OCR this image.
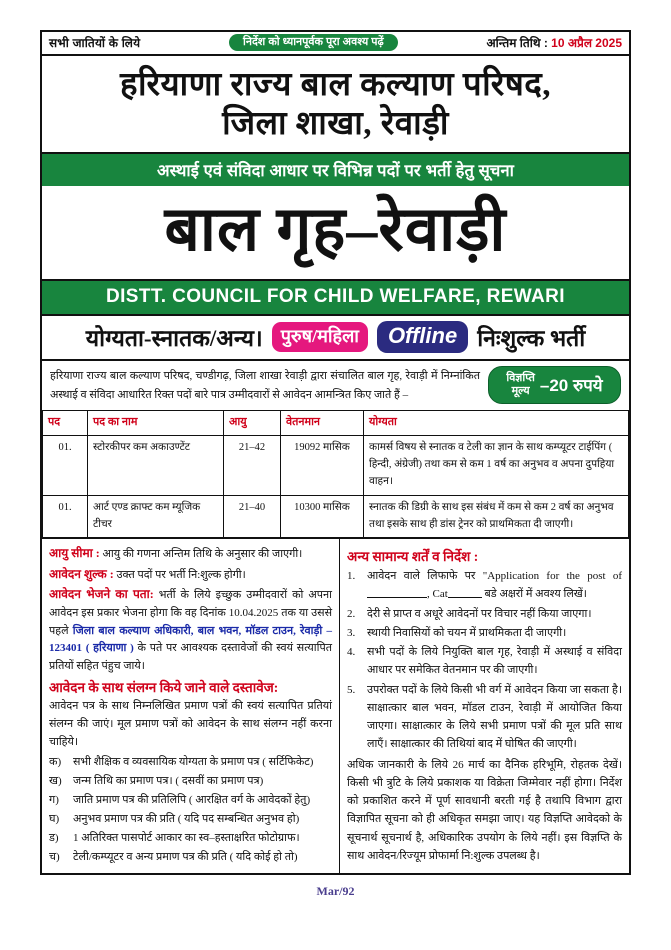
सभी जातियों के लिये	निर्देश को ध्यानपूर्वक पूरा अवश्य पढ़ें	अन्तिम तिथि : 10 अप्रैल 2025
हरियाणा राज्य बाल कल्याण परिषद,
जिला शाखा, रेवाड़ी
अस्थाई एवं संविदा आधार पर विभिन्न पदों पर भर्ती हेतु सूचना
बाल गृह–रेवाड़ी
DISTT. COUNCIL FOR CHILD WELFARE, REWARI
योग्यता-स्नातक/अन्य।	पुरुष/महिला	Offline निःशुल्क भर्ती
हरियाणा राज्य बाल कल्याण परिषद, चण्डीगढ़, जिला शाखा रेवाड़ी द्वारा संचालित बाल गृह, रेवाड़ी में निम्नांकित अस्थाई व संविदा आधारित रिक्त पदों बारे पात्र उम्मीदवारों से आवेदन आमन्त्रित किए जाते हैं –
विज्ञप्ति
मूल्य –20 रुपये
पद	पद का नाम	आयु	वेतनमान	योग्यता
01.	स्टोरकीपर कम अकाउण्टेंट	21–42	19092 मासिक	कामर्स विषय से स्नातक व टेली का ज्ञान के साथ कम्प्यूटर टाईपिंग ( हिन्दी, अंग्रेजी) तथा कम से कम 1 वर्ष का अनुभव व अपना दुपहिया वाहन।
01.	आर्ट एण्ड क्राफ्ट कम म्यूजिक टीचर	21–40	10300 मासिक	स्नातक की डिग्री के साथ इस संबंध में कम से कम 2 वर्ष का अनुभव तथा इसके साथ ही डांस ट्रेनर को प्राथमिकता दी जाएगी।

आयु सीमा : आयु की गणना अन्तिम तिथि के अनुसार की जाएगी।

आवेदन शुल्क : उक्त पदों पर भर्ती नि:शुल्क होगी।

आवेदन भेजने का पता: भर्ती के लिये इच्छुक उम्मीदवारों को अपना आवेदन इस प्रकार भेजना होगा कि वह दिनांक 10.04.2025 तक या उससे पहले जिला बाल कल्याण अधिकारी, बाल भवन, मॉडल टाउन, रेवाड़ी – 123401 ( हरियाणा ) के पते पर आवश्यक दस्तावेजों की स्वयं सत्यापित प्रतियों सहित पंहुच जाये।

आवेदन के साथ संलग्न किये जाने वाले दस्तावेज:
आवेदन पत्र के साथ निम्नलिखित प्रमाण पत्रों की स्वयं सत्यापित प्रतियां संलग्न की जाएं। मूल प्रमाण पत्रों को आवेदन के साथ संलग्न नहीं करना चाहिये।
क)	सभी शैक्षिक व व्यवसायिक योग्यता के प्रमाण पत्र ( सर्टिफिकेट)
ख)	जन्म तिथि का प्रमाण पत्र। ( दसवीं का प्रमाण पत्र)
ग)	जाति प्रमाण पत्र की प्रतिलिपि ( आरक्षित वर्ग के आवेदकों हेतु)
घ)	अनुभव प्रमाण पत्र की प्रति ( यदि पद सम्बन्धित अनुभव हो)
ड)	1 अतिरिक्त पासपोर्ट आकार का स्व–हस्ताक्षरित फोटोग्राफ।
च)	टेली/कम्प्यूटर व अन्य प्रमाण पत्र की प्रति ( यदि कोई हो तो)
अन्य सामान्य शर्तें व निर्देश :
1.	आवेदन वाले लिफाफे पर "Application for the post of, Cat	बडे अक्षरों में अवश्य लिखें।
2.	देरी से प्राप्त व अधूरे आवेदनों पर विचार नहीं किया जाएगा।
3.	स्थायी निवासियों को चयन में प्राथमिकता दी जाएगी।
4.	सभी पदों के लिये नियुक्ति बाल गृह, रेवाड़ी में अस्थाई व संविदा आधार पर समेकित वेतनमान पर की जाएगी।
5.	उपरोक्त पदों के लिये किसी भी वर्ग में आवेदन किया जा सकता है। साक्षात्कार बाल भवन, मॉडल टाउन, रेवाड़ी में आयोजित किया जाएगा। साक्षात्कार के लिये सभी प्रमाण पत्रों की मूल प्रति साथ लाएँ। साक्षात्कार की तिथियां बाद में घोषित की जाएगी।
अधिक जानकारी के लिये 26 मार्च का दैनिक हरिभूमि, रोहतक देखें। किसी भी त्रुटि के लिये प्रकाशक या विक्रेता जिम्मेवार नहीं होगा। निर्देश को प्रकाशित करने में पूर्ण सावधानी बरती गई है तथापि विभाग द्वारा विज्ञापित सूचना को ही अधिकृत समझा जाए। यह विज्ञप्ति आवेदको के सूचनार्थ सूचनार्थ है, अधिकारिक उपयोग के लिये नहीं। इस विज्ञप्ति के साथ आवेदन/रिज्यूम प्रोफार्मा नि:शुल्क उपलब्ध है।
Mar/92
